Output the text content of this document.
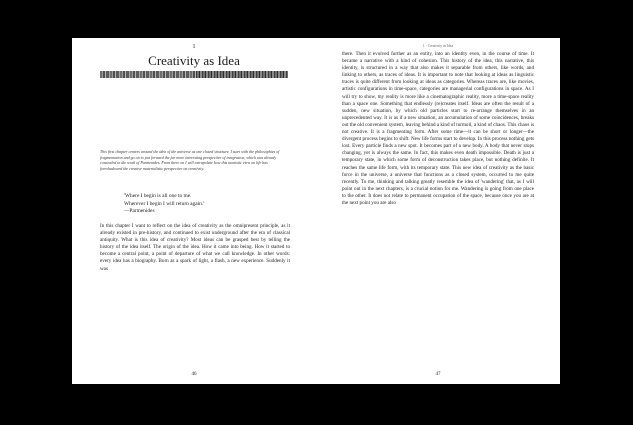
1

Creativity as Idea

This first chapter centres around the idea of the universe as one closed structure. I start with the philosophies of fragmentation and go on to put forward the far more interesting perspective of integration, which was already concealed in the work of Parmenides. From there on I will extrapolate how this monistic view on life has foreshadowed the creative materialistic perspective on creativity.

'Where I begin is all one to me.
Wherever I begin I will return again.'
—Parmenides

In this chapter I want to reflect on the idea of creativity as the omnipresent principle, as it already existed in pre-history, and continued to exist underground after the era of classical antiquity. What is this idea of creativity? Most ideas can be grasped best by telling the history of the idea itself. The origin of the idea. How it came into being. How it started to become a central point, a point of departure of what we call knowledge. In other words: every idea has a biography. Born as a spark of light, a flash, a new experience. Suddenly it was

46

1 · Creativity as Idea

there. Then it evolved further as an entity, into an identity even, in the course of time. It became a narrative with a kind of cohesion. This history of the idea, this narrative, this identity, is structured in a way that also makes it separable from others, like words, and linking to others, as traces of ideas. It is important to note that looking at ideas as linguistic traces is quite different from looking at ideas as categories. Whereas traces are, like movies, artistic configurations in time-space, categories are managerial configurations in space. As I will try to show, my reality is more like a cinematographic reality, more a time-space reality than a space one. Something that endlessly (re)creates itself. Ideas are often the result of a sudden, new situation, by which old particles start to re-arrange themselves in an unprecedented way. It is as if a new situation, an accumulation of some coincidences, breaks out the old convenient system, leaving behind a kind of turmoil, a kind of chaos. This chaos is not creative. It is a fragmenting form. After some time—it can be short or longer—the divergent process begins to shift. New life forms start to develop. In this process nothing gets lost. Every particle finds a new spot. It becomes part of a new body. A body that never stops changing, yet is always the same. In fact, this makes even death impossible. Death is just a temporary state, in which some form of deconstruction takes place, but nothing definite. It reaches the same life form, with its temporary state. This new idea of creativity as the basic force in the universe, a universe that functions as a closed system, occurred to me quite recently. To me, thinking and talking greatly resemble the idea of 'wandering' that, as I will point out in the next chapters, is a crucial notion for me. Wandering is going from one place to the other. It does not relate to permanent occupation of the space, because once you are at the next point you are also

47
